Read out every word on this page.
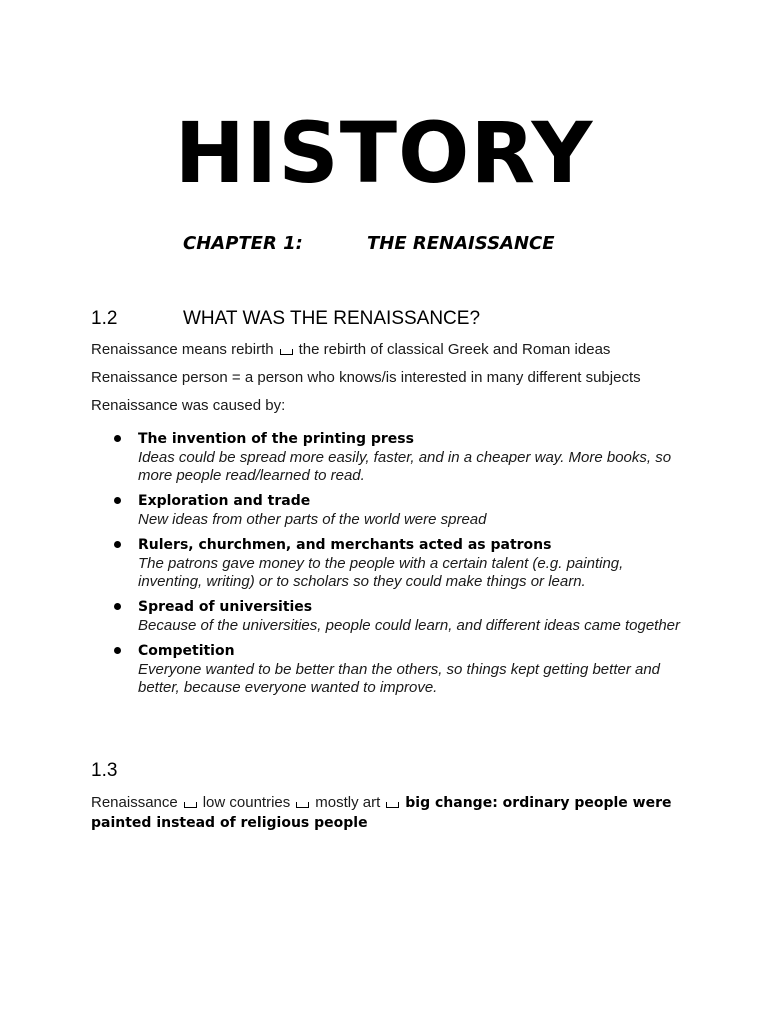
HISTORY
CHAPTER 1:	THE RENAISSANCE
1.2	WHAT WAS THE RENAISSANCE?
Renaissance means rebirth the rebirth of classical Greek and Roman ideas
Renaissance person = a person who knows/is interested in many different subjects
Renaissance was caused by:
The invention of the printing press
Ideas could be spread more easily, faster, and in a cheaper way. More books, so more people read/learned to read.
Exploration and trade
New ideas from other parts of the world were spread
Rulers, churchmen, and merchants acted as patrons
The patrons gave money to the people with a certain talent (e.g. painting, inventing, writing) or to scholars so they could make things or learn.
Spread of universities
Because of the universities, people could learn, and different ideas came together
Competition
Everyone wanted to be better than the others, so things kept getting better and better, because everyone wanted to improve.
1.3
Renaissance low countries mostly art big change: ordinary people were painted instead of religious people
